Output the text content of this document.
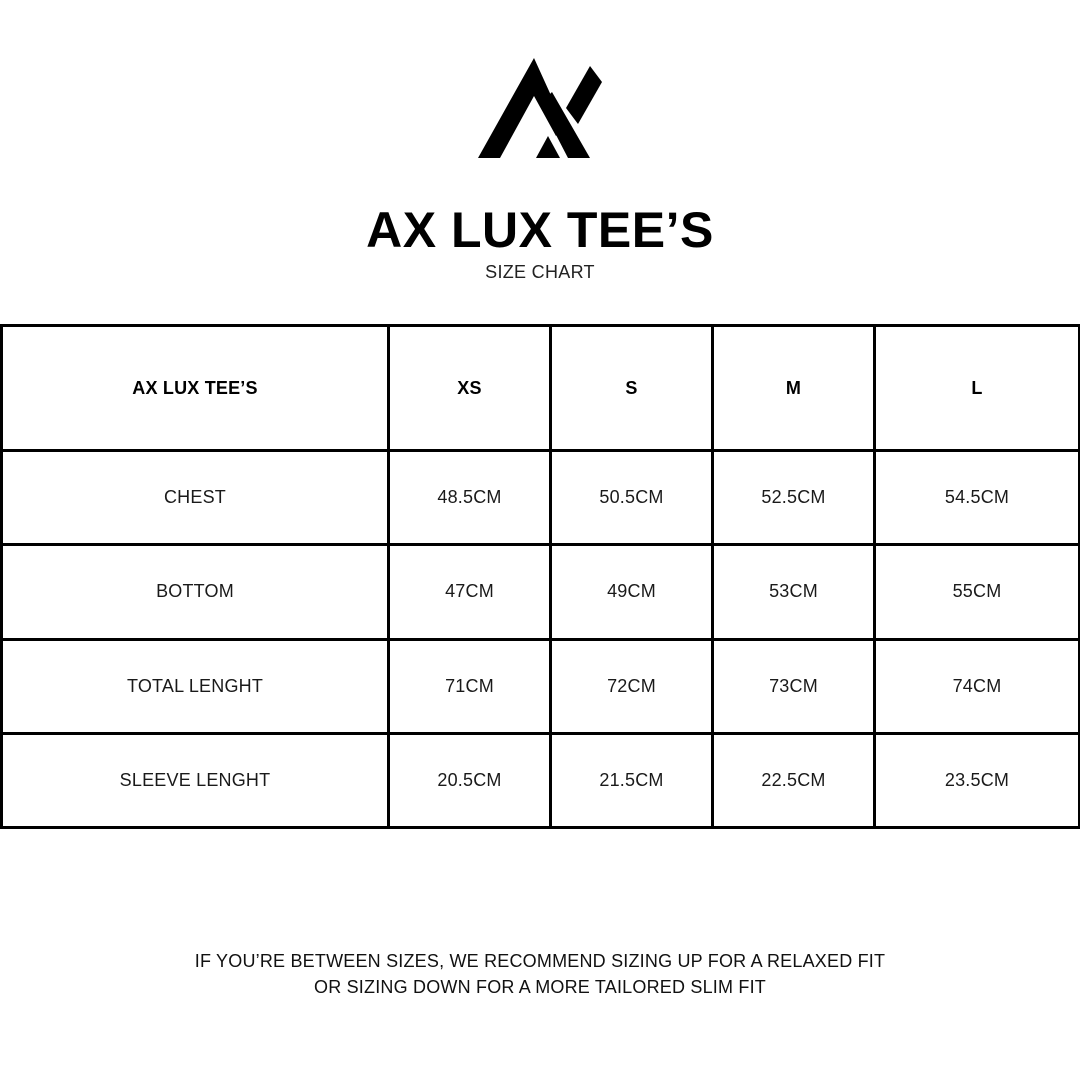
AX LUX TEE’S
SIZE CHART
AX LUX TEE’S	XS	S	M	L
CHEST	48.5CM	50.5CM	52.5CM	54.5CM
BOTTOM	47CM	49CM	53CM	55CM
TOTAL LENGHT	71CM	72CM	73CM	74CM
SLEEVE LENGHT	20.5CM	21.5CM	22.5CM	23.5CM
IF YOU’RE BETWEEN SIZES, WE RECOMMEND SIZING UP FOR A RELAXED FIT
OR SIZING DOWN FOR A MORE TAILORED SLIM FIT
